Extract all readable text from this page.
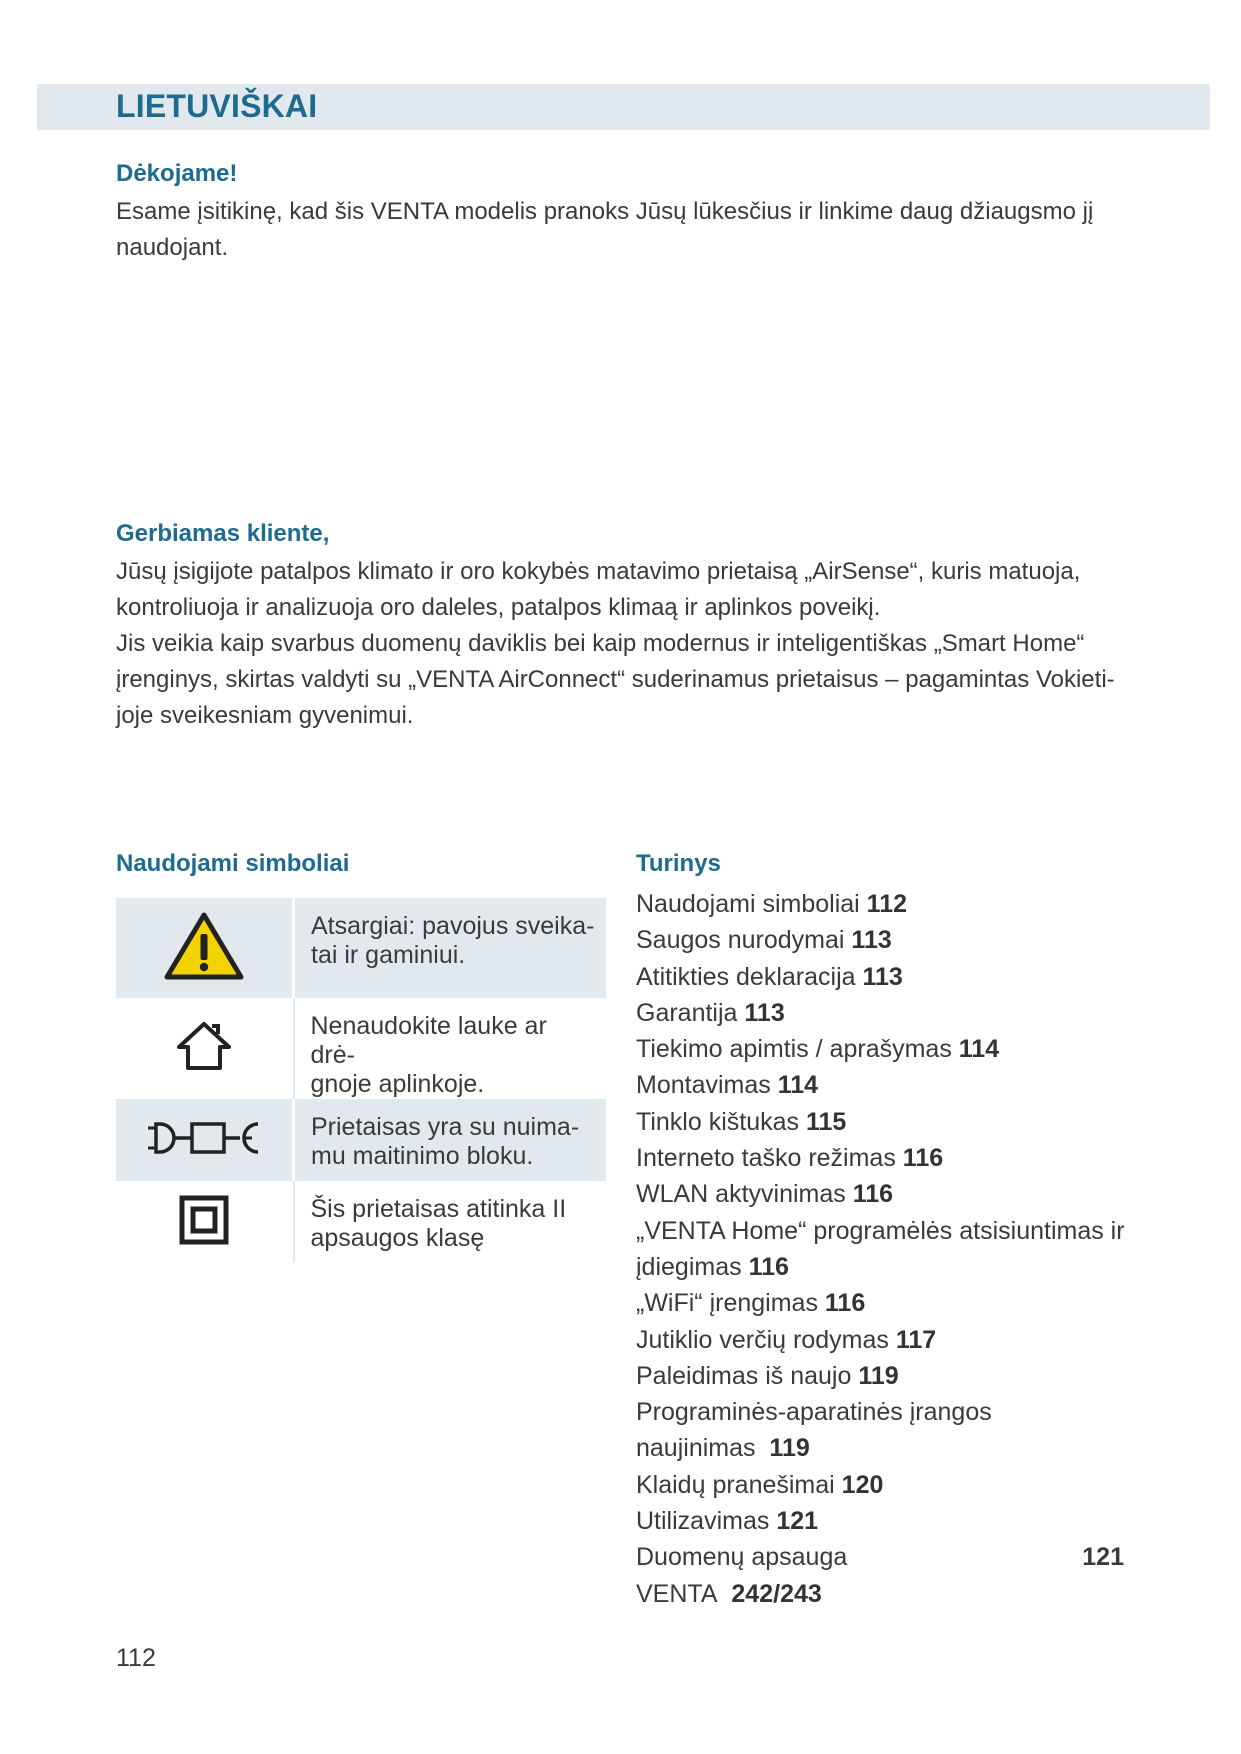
LIETUVIŠKAI
Dėkojame!

Esame įsitikinę, kad šis VENTA modelis pranoks Jūsų lūkesčius ir linkime daug džiaugsmo jį
naudojant.

Gerbiamas kliente,

Jūsų įsigijote patalpos klimato ir oro kokybės matavimo prietaisą „AirSense“, kuris matuoja,
kontroliuoja ir analizuoja oro daleles, patalpos klimaą ir aplinkos poveikį.
Jis veikia kaip svarbus duomenų daviklis bei kaip modernus ir inteligentiškas „Smart Home“
įrenginys, skirtas valdyti su „VENTA AirConnect“ suderinamus prietaisus – pagamintas Vokieti-
joje sveikesniam gyvenimui.

Naudojami simboliai

Atsargiai: pavojus sveika-
tai ir gaminiui.

Nenaudokite lauke ar drė-
gnoje aplinkoje.

Prietaisas yra su nuima-
mu maitinimo bloku.

Šis prietaisas atitinka II
apsaugos klasę
Turinys
Naudojami simboliai 112
Saugos nurodymai 113
Atitikties deklaracija 113
Garantija 113
Tiekimo apimtis / aprašymas 114
Montavimas 114
Tinklo kištukas 115
Interneto taško režimas 116
WLAN aktyvinimas 116
„VENTA Home“ programėlės atsisiuntimas ir
įdiegimas 116
„WiFi“ įrengimas 116
Jutiklio verčių rodymas 117
Paleidimas iš naujo 119
Programinės-aparatinės įrangos naujinimas 119
Klaidų pranešimai 120
Utilizavimas 121
Duomenų apsauga	121
VENTA 242/243
112
